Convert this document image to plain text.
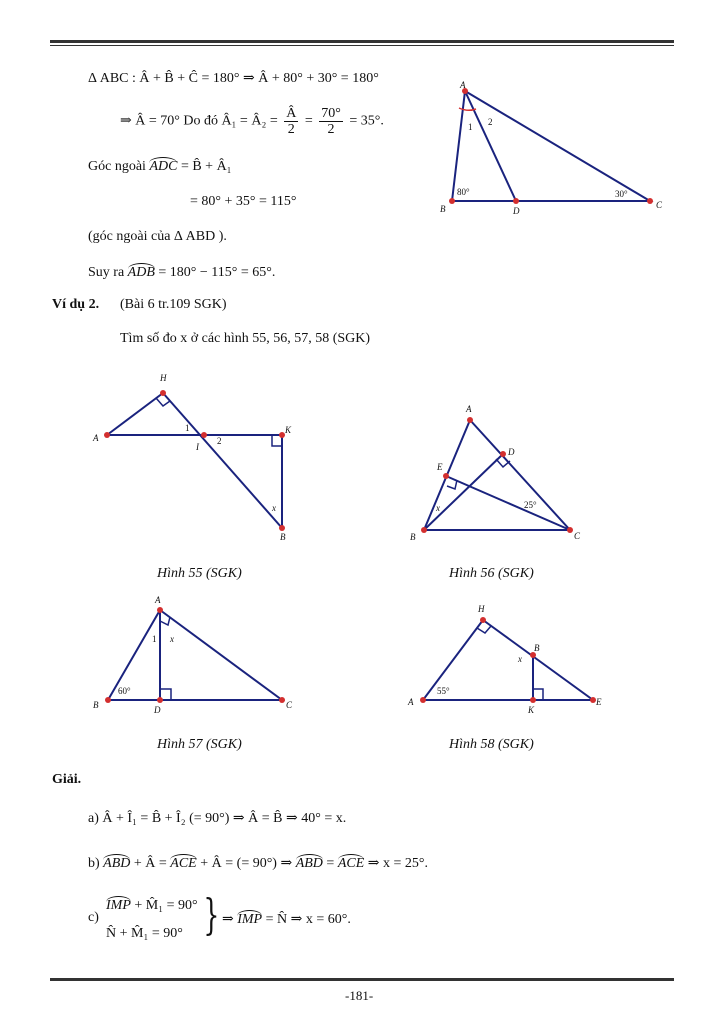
Δ ABC : Â + B̂ + Ĉ = 180° ⇒ Â + 80° + 30° = 180°
⇒ Â = 70° Do đó Â₁ = Â₂ = $\frac{Â}{2} = \frac{70^\circ}{2} = 35^\circ$.
Góc ngoài ADC = B̂ + Â₁
= 80° + 35° = 115°
(góc ngoài của Δ ABD ).
Suy ra ADB = 180° − 115° = 65°.
A
B	D
C
1 2
80°	30°
Ví dụ 2. (Bài 6 tr.109 SGK)
Tìm số đo x ở các hình 55, 56, 57, 58 (SGK)
H
A
I
K
B
1
2
x
Hình 55 (SGK)
A
D
E
B	C
x	25°
Hình 56 (SGK)
A
B	C
D
1 x
60°
Hình 57 (SGK)
H
B
A
K
E
x
55°
Hình 58 (SGK)
Giải.
a) Â + Î₁ = B̂ + Î₂ (= 90°) ⇒ Â = B̂ ⇒ 40° = x.
b) ABD + Â = ACE + Â = (= 90°) ⇒ ABD = ACE ⇒ x = 25°.
c)
IMP + M̂₁ = 90°
N̂ + M̂₁ = 90° } ⇒ IMP = N̂ ⇒ x = 60°.
-181-
